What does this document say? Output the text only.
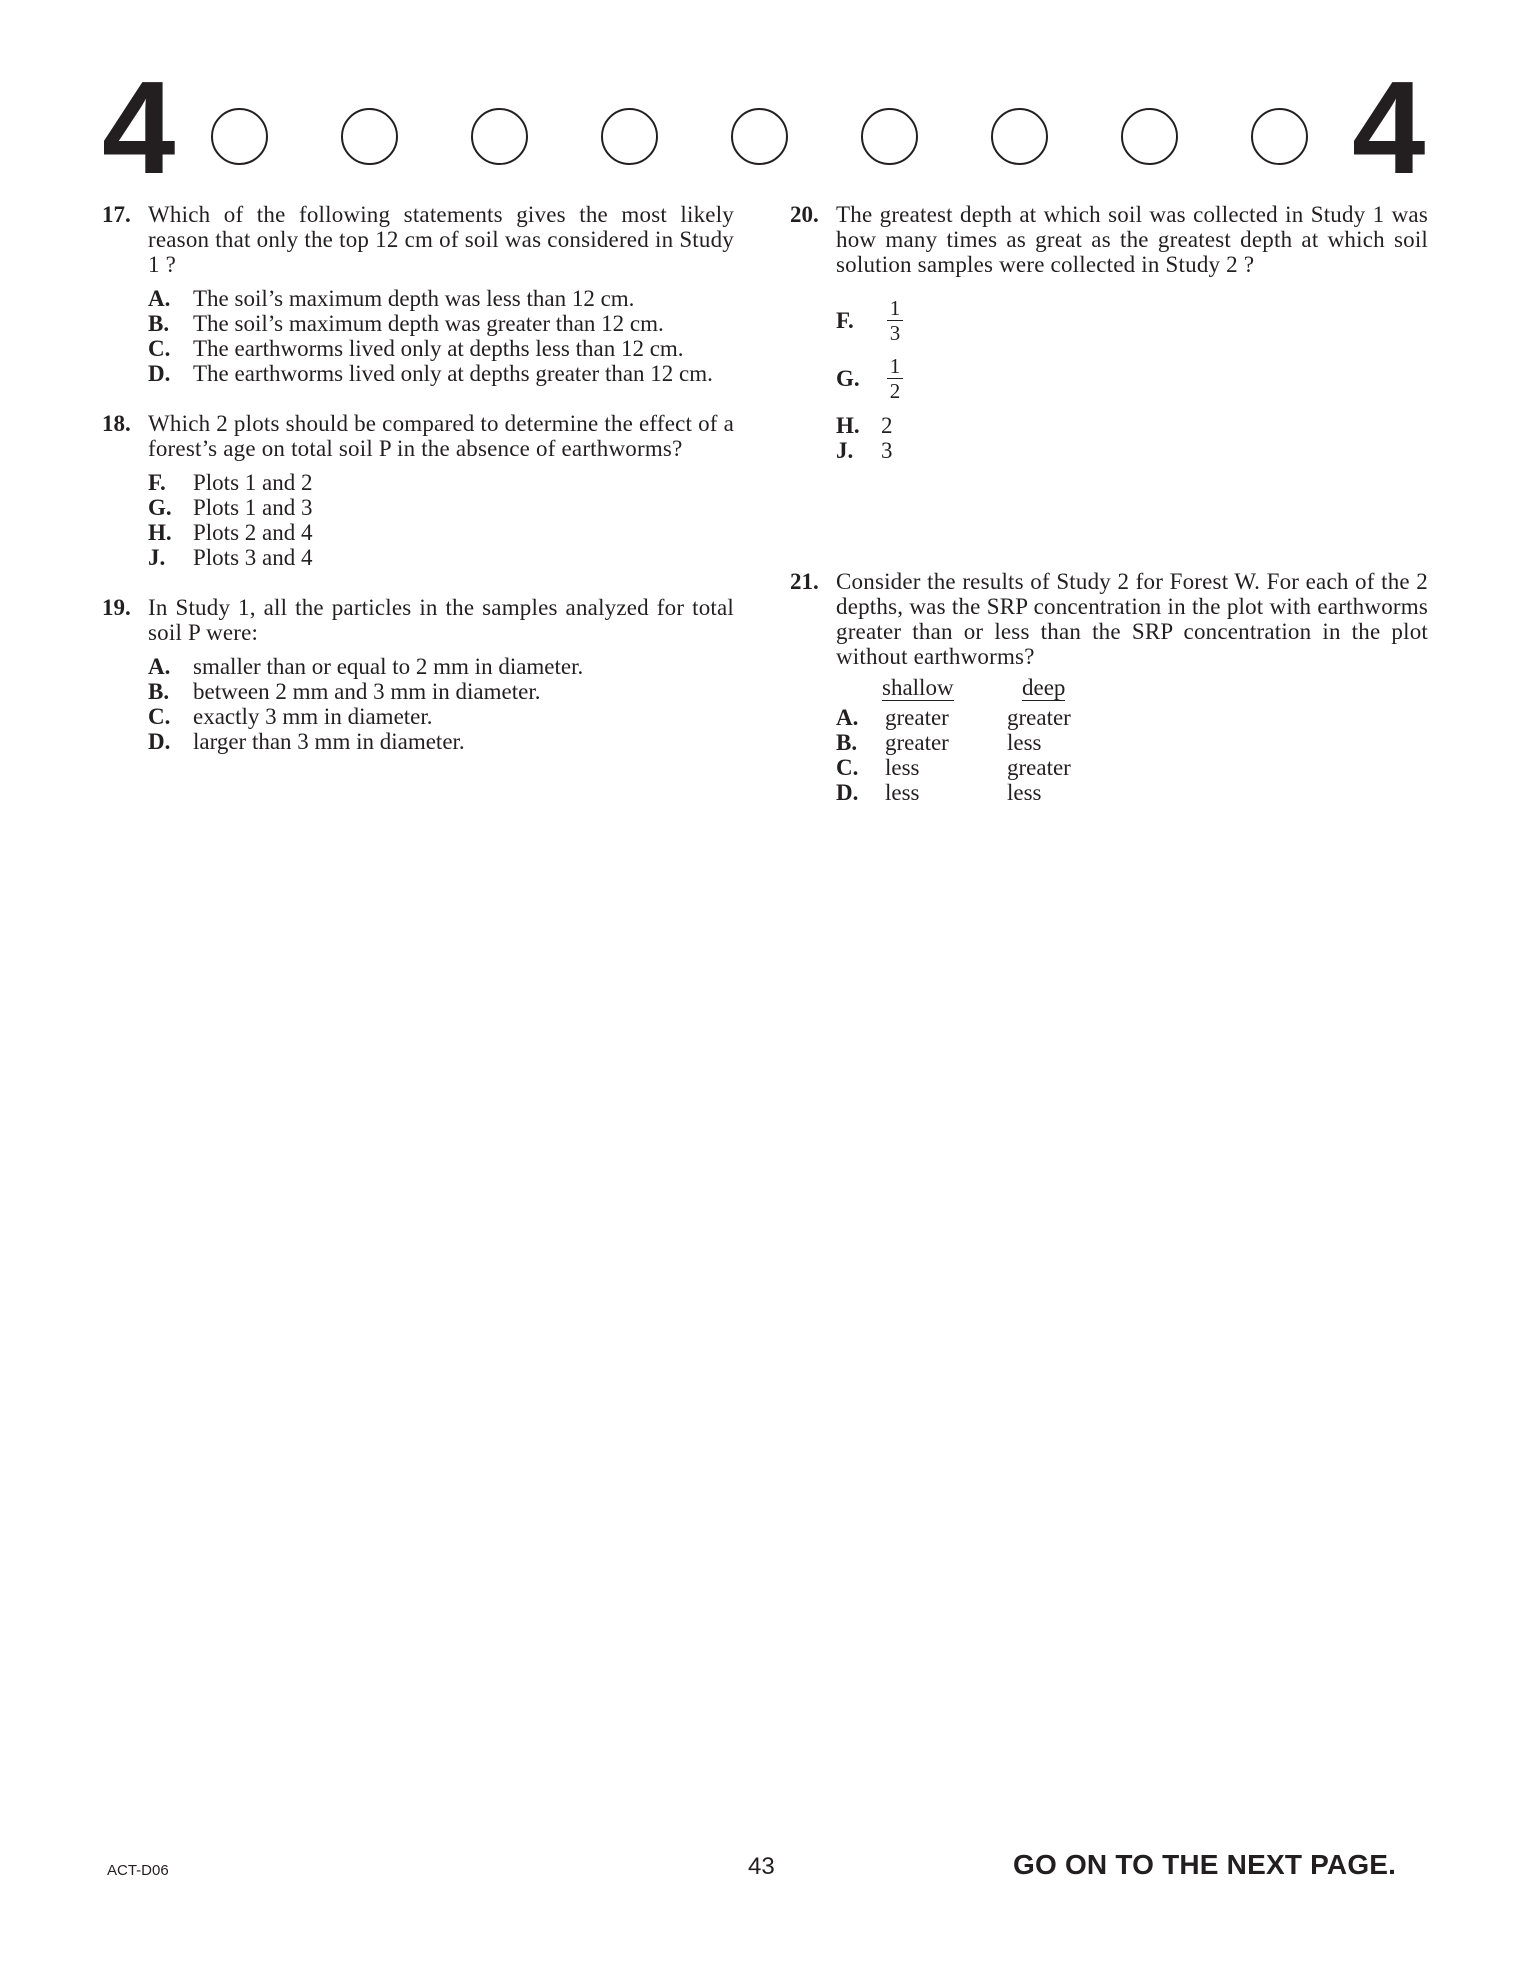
4	4
17. Which of the following statements gives the most likely reason that only the top 12 cm of soil was considered in Study 1 ?
A. The soil’s maximum depth was less than 12 cm.
B. The soil’s maximum depth was greater than 12 cm.
C. The earthworms lived only at depths less than 12 cm.
D. The earthworms lived only at depths greater than 12 cm.
18. Which 2 plots should be compared to determine the effect of a forest’s age on total soil P in the absence of earthworms?
F. Plots 1 and 2
G. Plots 1 and 3
H. Plots 2 and 4
J. Plots 3 and 4
19. In Study 1, all the particles in the samples analyzed for total soil P were:
A. smaller than or equal to 2 mm in diameter.
B. between 2 mm and 3 mm in diameter.
C. exactly 3 mm in diameter.
D. larger than 3 mm in diameter.
20. The greatest depth at which soil was collected in Study 1 was how many times as great as the greatest depth at which soil solution samples were collected in Study 2 ?
F. $\frac{1}{3}$
G. $\frac{1}{2}$
H. 2
J. 3
21. Consider the results of Study 2 for Forest W. For each of the 2 depths, was the SRP concentration in the plot with earthworms greater than or less than the SRP concentration in the plot without earthworms?
shallow	deep
A. greater	greater
B. greater	less
C. less	greater
D. less	less
ACT-D06	43	GO ON TO THE NEXT PAGE.
